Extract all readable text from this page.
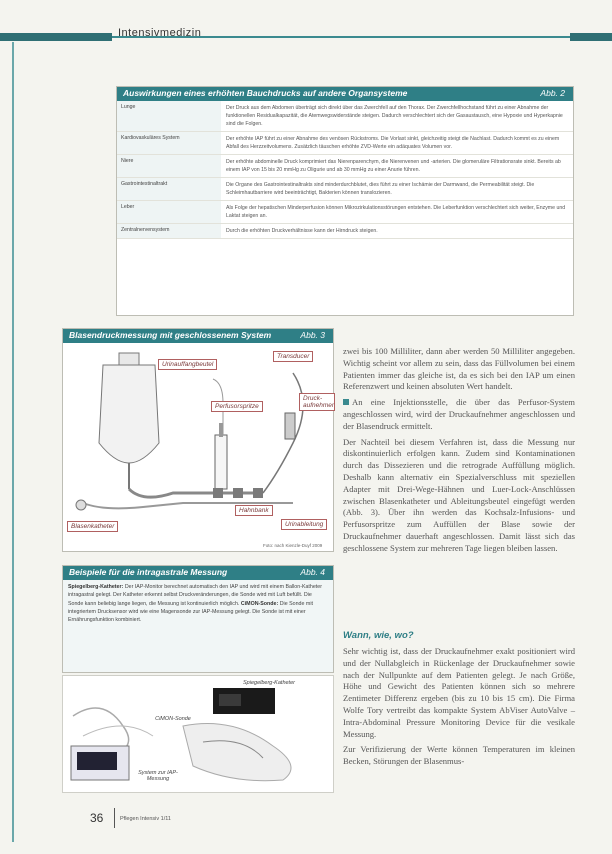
Intensivmedizin
Auswirkungen eines erhöhten Bauchdrucks auf andere Organsysteme	Abb. 2
Lunge	Der Druck aus dem Abdomen überträgt sich direkt über das Zwerchfell auf den Thorax. Der Zwerchfellhochstand führt zu einer Abnahme der funktionellen Residualkapazität, die Atemwegswiderstände steigen. Dadurch verschlechtert sich der Gasaustausch, eine Hypoxie und Hyperkapnie sind die Folgen.
Kardiovaskuläres System	Der erhöhte IAP führt zu einer Abnahme des venösen Rückstroms. Die Vorlast sinkt, gleichzeitig steigt die Nachlast. Dadurch kommt es zu einem Abfall des Herzzeitvolumens. Zusätzlich täuschen erhöhte ZVD-Werte ein adäquates Volumen vor.
Niere	Der erhöhte abdominelle Druck komprimiert das Nierenparenchym, die Nierenvenen und -arterien. Die glomeruläre Filtrationsrate sinkt. Bereits ab einem IAP von 15 bis 20 mmHg zu Oligurie und ab 30 mmHg zu einer Anurie führen.
Gastrointestinaltrakt	Die Organe des Gastrointestinaltrakts sind minderdurchblutet, dies führt zu einer Ischämie der Darmwand, die Permeabilität steigt. Die Schleimhautbarriere wird beeinträchtigt, Bakterien können translozieren.
Leber	Als Folge der hepatischen Minderperfusion können Mikrozirkulationsstörungen entstehen. Die Leberfunktion verschlechtert sich weiter, Enzyme und Laktat steigen an.
Zentralnervensystem	Durch die erhöhten Druckverhältnisse kann der Hirndruck steigen.
Blasendruckmessung mit geschlossenem System	Abb. 3
Urinauffangbeutel
Transducer
Perfusorspritze
Druck-aufnehmer
Hahnbank
Blasenkatheter	Urinableitung
Foto: nach Kienzle-Duyf 2009
Beispiele für die intragastrale Messung	Abb. 4
Spiegelberg-Katheter: Der IAP-Monitor berechnet automatisch den IAP und wird mit einem Ballon-Katheter intragastral gelegt. Der Katheter erkennt selbst Druckveränderungen, die Sonde wird mit Luft befüllt. Die Sonde kann beliebig lange liegen, die Messung ist kontinuierlich möglich. CiMON-Sonde: Die Sonde mit integriertem Drucksensor wird wie eine Magensonde zur IAP-Messung gelegt. Die Sonde ist mit einer Ernährungsfunktion kombiniert.
Spiegelberg-Katheter
CiMON-Sonde
System zur IAP-Messung

zwei bis 100 Milliliter, dann aber werden 50 Milliliter angegeben. Wichtig scheint vor allem zu sein, dass das Füllvolumen bei einem Patienten immer das gleiche ist, da es sich bei den IAP um einen Referenzwert und keinen absoluten Wert handelt.

An eine Injektionsstelle, die über das Perfusor-System angeschlossen wird, wird der Druckaufnehmer angeschlossen und der Blasendruck ermittelt.

Der Nachteil bei diesem Verfahren ist, dass die Messung nur diskontinuierlich erfolgen kann. Zudem sind Kontaminationen durch das Dissezieren und die retrograde Auffüllung möglich. Deshalb kann alternativ ein Spezialverschluss mit speziellen Adapter mit Drei-Wege-Hähnen und Luer-Lock-Anschlüssen zwischen Blasenkatheter und Ableitungsbeutel eingefügt werden (Abb. 3). Über ihn werden das Kochsalz-Infusions- und Perfusorspritze zum Auffüllen der Blase sowie der Druckaufnehmer dauerhaft angeschlossen. Damit lässt sich das geschlossene System zur mehreren Tage liegen bleiben lassen.

Wann, wie, wo?

Sehr wichtig ist, dass der Druckaufnehmer exakt positioniert wird und der Nullabgleich in Rückenlage der Druckaufnehmer sowie nach der Nullpunkte auf dem Patienten gelegt. Je nach Größe, Höhe und Gewicht des Patienten können sich so mehrere Zentimeter Differenz ergeben (bis zu 10 bis 15 cm). Die Firma Wolfe Tory vertreibt das kompakte System AbViser AutoValve – Intra-Abdominal Pressure Monitoring Device für die vesikale Messung.

Zur Verifizierung der Werte können Temperaturen im kleinen Becken, Störungen der Blasenmus-

36	Pflegen Intensiv 1/11
